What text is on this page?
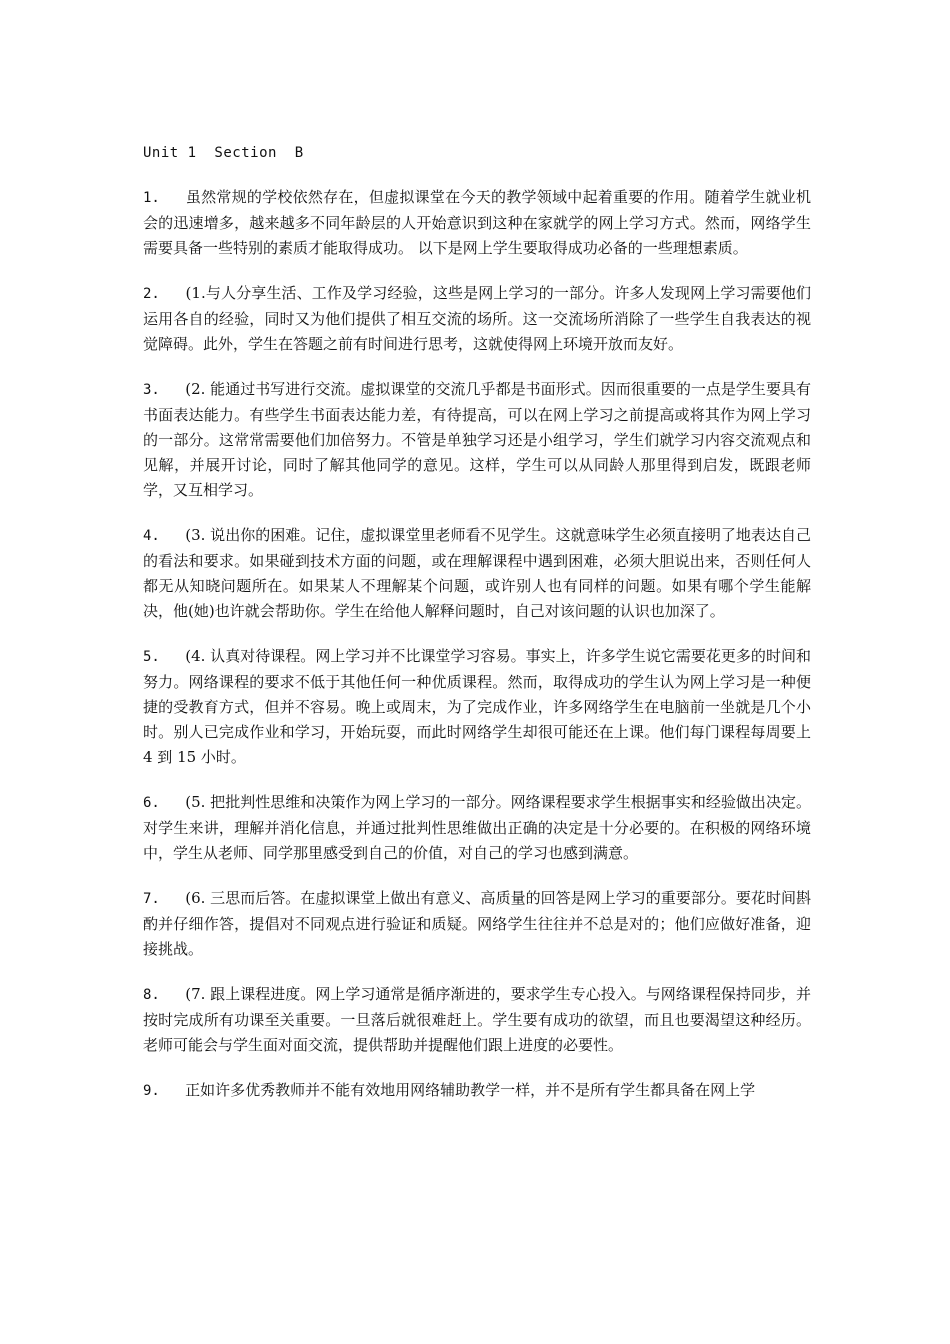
Unit 1  Section  B

1.   虽然常规的学校依然存在，但虚拟课堂在今天的教学领域中起着重要的作用。随着学生就业机会的迅速增多，越来越多不同年龄层的人开始意识到这种在家就学的网上学习方式。然而，网络学生需要具备一些特别的素质才能取得成功。 以下是网上学生要取得成功必备的一些理想素质。

2.   (1.与人分享生活、工作及学习经验，这些是网上学习的一部分。许多人发现网上学习需要他们运用各自的经验，同时又为他们提供了相互交流的场所。这一交流场所消除了一些学生自我表达的视觉障碍。此外，学生在答题之前有时间进行思考，这就使得网上环境开放而友好。

3.   (2. 能通过书写进行交流。虚拟课堂的交流几乎都是书面形式。因而很重要的一点是学生要具有书面表达能力。有些学生书面表达能力差，有待提高，可以在网上学习之前提高或将其作为网上学习的一部分。这常常需要他们加倍努力。不管是单独学习还是小组学习，学生们就学习内容交流观点和见解，并展开讨论，同时了解其他同学的意见。这样，学生可以从同龄人那里得到启发，既跟老师学，又互相学习。

4.   (3. 说出你的困难。记住，虚拟课堂里老师看不见学生。这就意味学生必须直接明了地表达自己的看法和要求。如果碰到技术方面的问题，或在理解课程中遇到困难，必须大胆说出来，否则任何人都无从知晓问题所在。如果某人不理解某个问题，或许别人也有同样的问题。如果有哪个学生能解决，他(她)也许就会帮助你。学生在给他人解释问题时，自己对该问题的认识也加深了。

5.   (4. 认真对待课程。网上学习并不比课堂学习容易。事实上，许多学生说它需要花更多的时间和努力。网络课程的要求不低于其他任何一种优质课程。然而，取得成功的学生认为网上学习是一种便捷的受教育方式，但并不容易。晚上或周末，为了完成作业，许多网络学生在电脑前一坐就是几个小时。别人已完成作业和学习，开始玩耍，而此时网络学生却很可能还在上课。他们每门课程每周要上 4 到 15 小时。

6.   (5. 把批判性思维和决策作为网上学习的一部分。网络课程要求学生根据事实和经验做出决定。对学生来讲，理解并消化信息，并通过批判性思维做出正确的决定是十分必要的。在积极的网络环境中，学生从老师、同学那里感受到自己的价值，对自己的学习也感到满意。

7.   (6. 三思而后答。在虚拟课堂上做出有意义、高质量的回答是网上学习的重要部分。要花时间斟酌并仔细作答，提倡对不同观点进行验证和质疑。网络学生往往并不总是对的；他们应做好准备，迎接挑战。

8.   (7. 跟上课程进度。网上学习通常是循序渐进的，要求学生专心投入。与网络课程保持同步，并按时完成所有功课至关重要。一旦落后就很难赶上。学生要有成功的欲望，而且也要渴望这种经历。老师可能会与学生面对面交流，提供帮助并提醒他们跟上进度的必要性。

9.   正如许多优秀教师并不能有效地用网络辅助教学一样，并不是所有学生都具备在网上学
